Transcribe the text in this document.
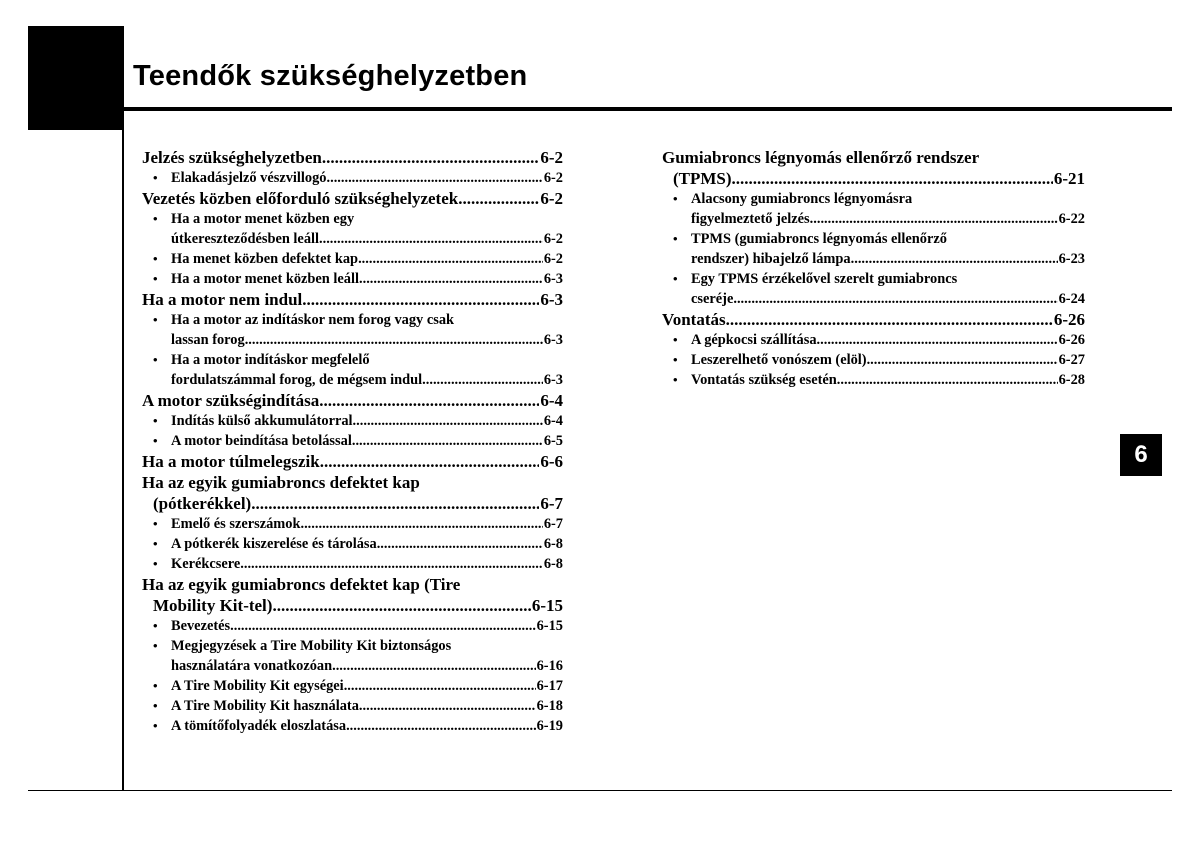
Teendők szükséghelyzetben
6
Jelzés szükséghelyzetben .....	6-2
• Elakadásjelző vészvillogó .....	6-2
Vezetés közben előforduló szükséghelyzetek .....	6-2
• Ha a motor menet közben egy
útkereszteződésben leáll .....	6-2
• Ha menet közben defektet kap .....	6-2
• Ha a motor menet közben leáll .....	6-3
Ha a motor nem indul .....	6-3
• Ha a motor az indításkor nem forog vagy csak
lassan forog .....	6-3
• Ha a motor indításkor megfelelő
fordulatszámmal forog, de mégsem indul .....	6-3
A motor szükségindítása .....	6-4
• Indítás külső akkumulátorral .....	6-4
• A motor beindítása betolással .....	6-5
Ha a motor túlmelegszik .....	6-6
Ha az egyik gumiabroncs defektet kap
(pótkerékkel) .....	6-7
• Emelő és szerszámok .....	6-7
• A pótkerék kiszerelése és tárolása .....	6-8
• Kerékcsere .....	6-8
Ha az egyik gumiabroncs defektet kap (Tire
Mobility Kit-tel) .....	6-15
• Bevezetés .....	6-15
• Megjegyzések a Tire Mobility Kit biztonságos
használatára vonatkozóan .....	6-16
• A Tire Mobility Kit egységei .....	6-17
• A Tire Mobility Kit használata .....	6-18
• A tömítőfolyadék eloszlatása .....	6-19
Gumiabroncs légnyomás ellenőrző rendszer
(TPMS) .....	6-21
• Alacsony gumiabroncs légnyomásra
figyelmeztető jelzés .....	6-22
• TPMS (gumiabroncs légnyomás ellenőrző
rendszer) hibajelző lámpa .....	6-23
• Egy TPMS érzékelővel szerelt gumiabroncs
cseréje .....	6-24
Vontatás .....	6-26
• A gépkocsi szállítása .....	6-26
• Leszerelhető vonószem (elöl) .....	6-27
• Vontatás szükség esetén .....	6-28
